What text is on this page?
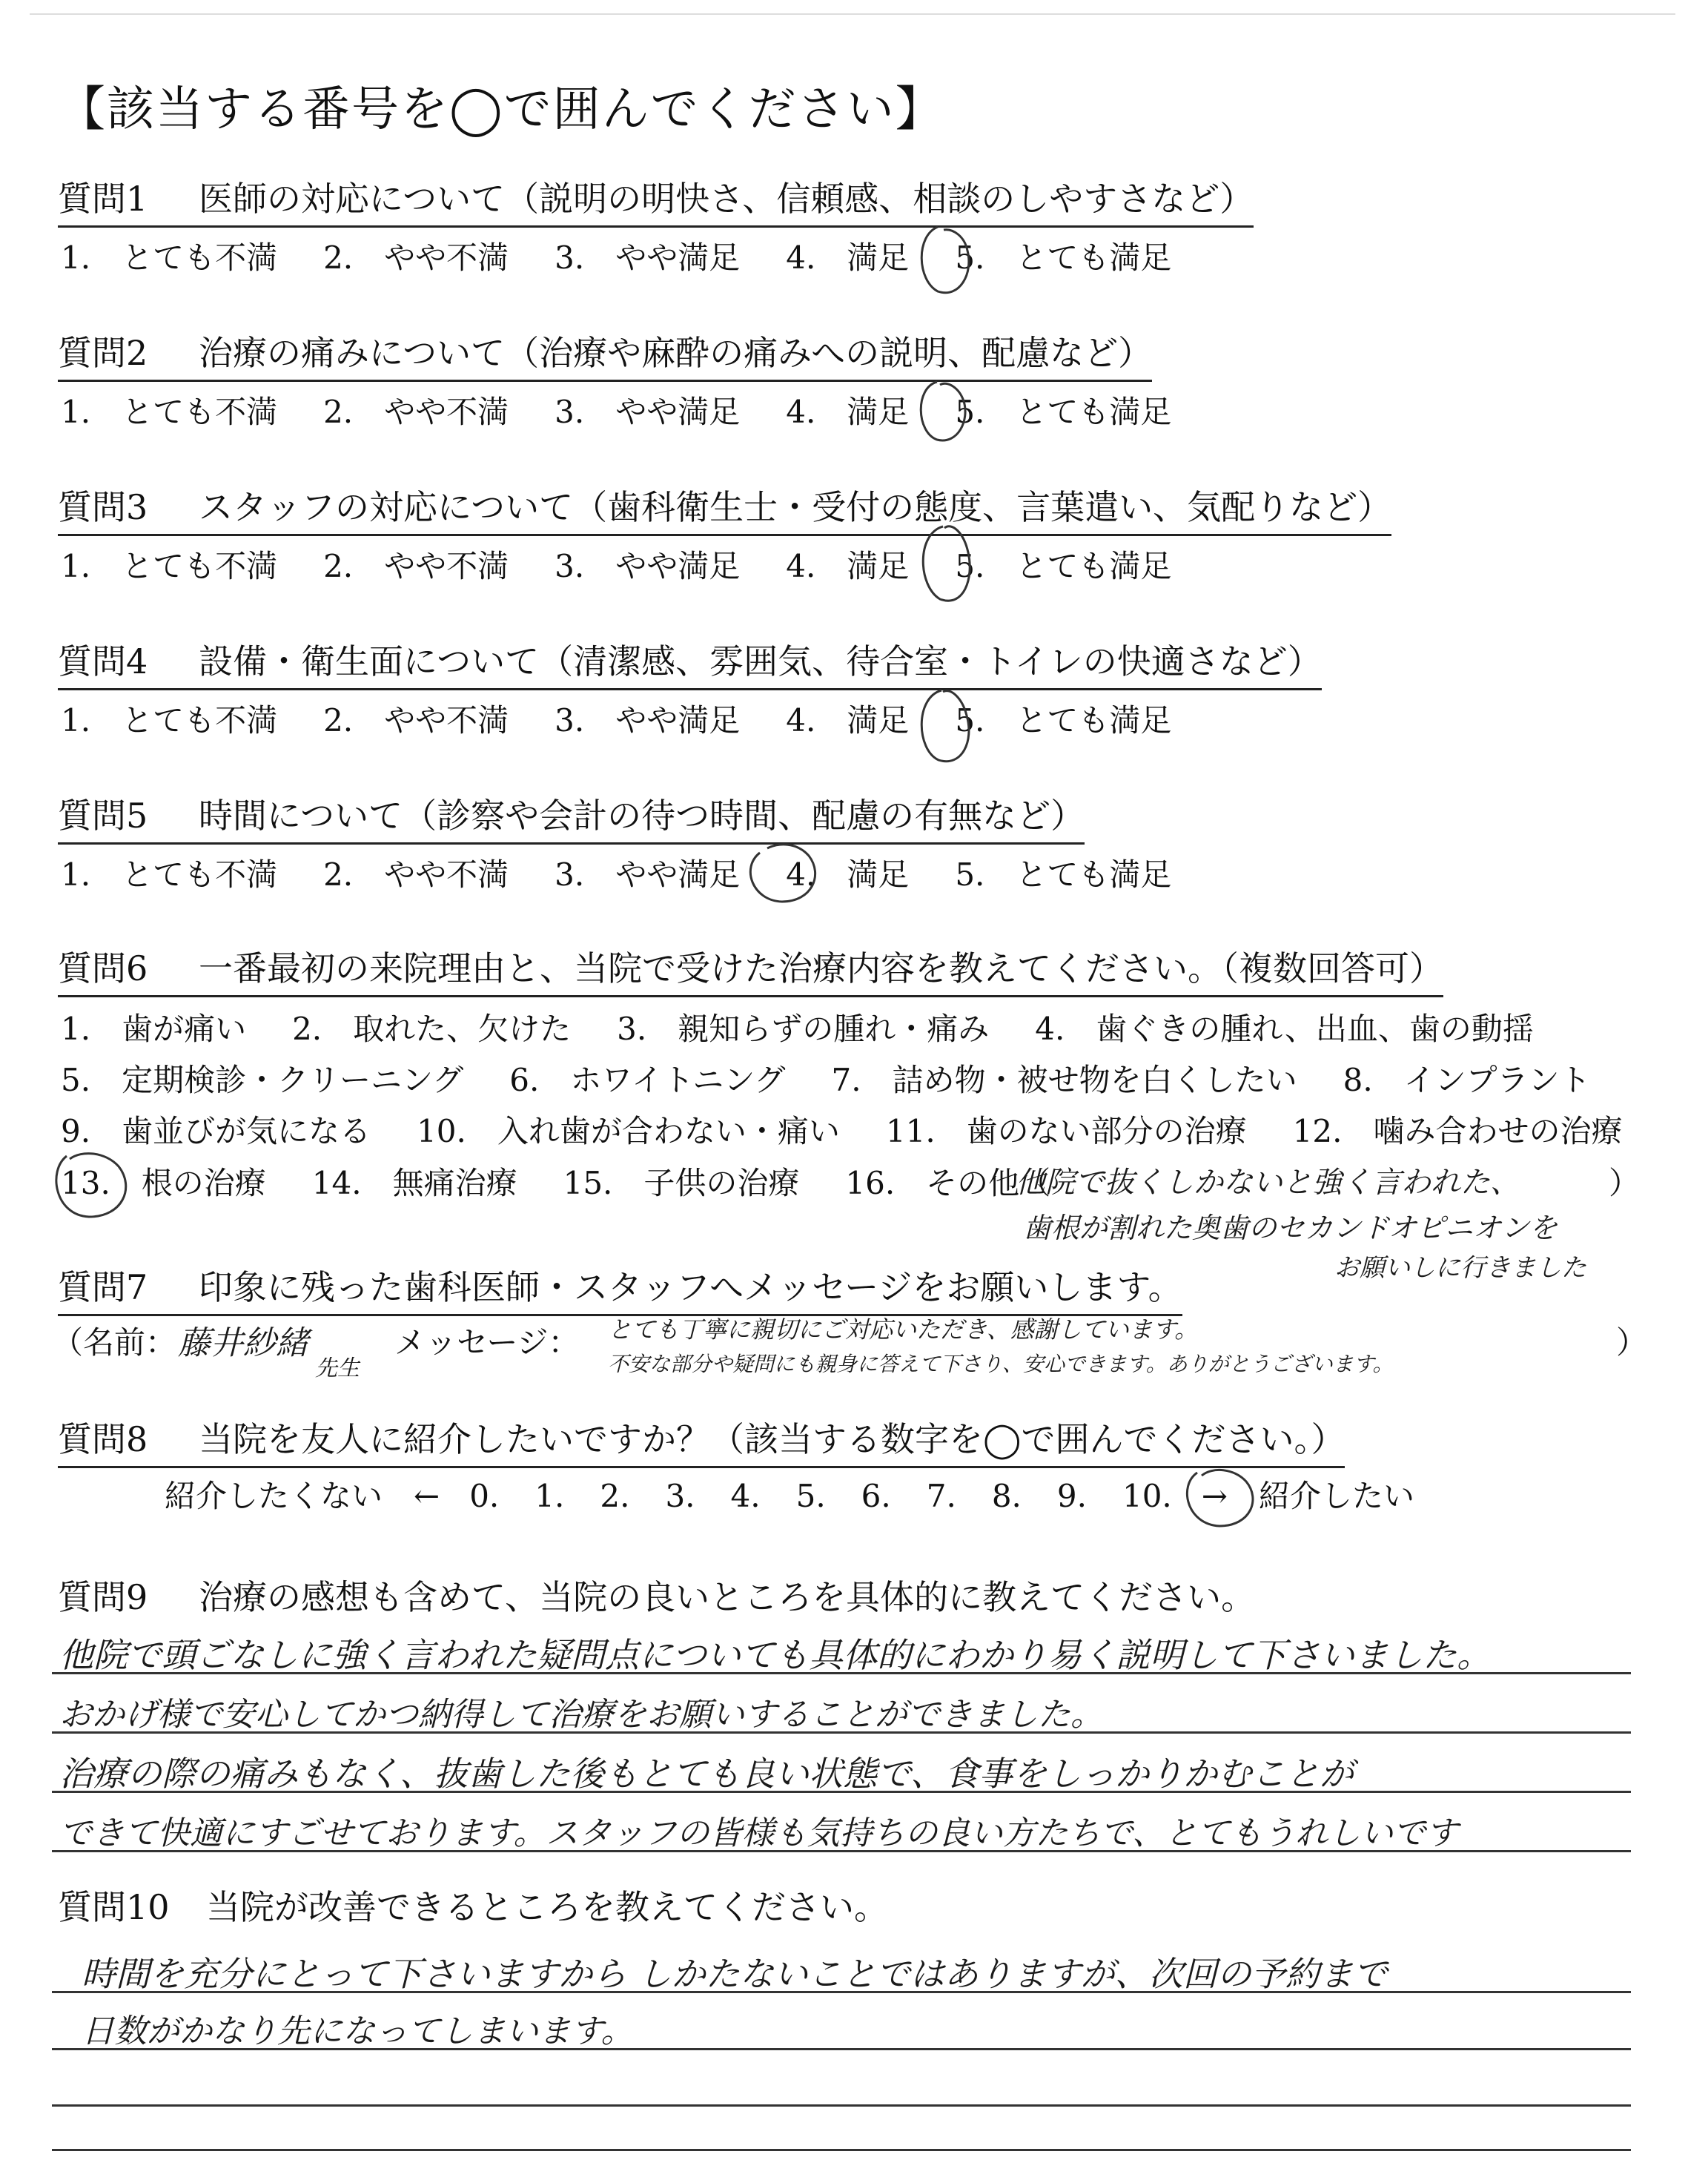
【該当する番号を◯で囲んでください】
質問1 医師の対応について（説明の明快さ、信頼感、相談のしやすさなど）
1.　とても不満 2.　やや不満 3.　やや満足 4.　満足 5.　とても満足
質問2 治療の痛みについて（治療や麻酔の痛みへの説明、配慮など）
1.　とても不満 2.　やや不満 3.　やや満足 4.　満足 5.　とても満足
質問3 スタッフの対応について（歯科衛生士・受付の態度、言葉遣い、気配りなど）
1.　とても不満 2.　やや不満 3.　やや満足 4.　満足 5.　とても満足
質問4 設備・衛生面について（清潔感、雰囲気、待合室・トイレの快適さなど）
1.　とても不満 2.　やや不満 3.　やや満足 4.　満足 5.　とても満足
質問5 時間について（診察や会計の待つ時間、配慮の有無など）
1.　とても不満 2.　やや不満 3.　やや満足 4.　満足 5.　とても満足
質問6 一番最初の来院理由と、当院で受けた治療内容を教えてください。（複数回答可）
1.　歯が痛い 2.　取れた、欠けた 3.　親知らずの腫れ・痛み 4.　歯ぐきの腫れ、出血、歯の動揺
5.　定期検診・クリーニング 6.　ホワイトニング 7.　詰め物・被せ物を白くしたい 8.　インプラント
9.　歯並びが気になる 10.　入れ歯が合わない・痛い 11.　歯のない部分の治療 12.　噛み合わせの治療
13.　根の治療 14.　無痛治療 15.　子供の治療 16.　その他（	）
他院で抜くしかないと強く言われた、
歯根が割れた奥歯のセカンドオピニオンを
お願いしに行きました
質問7 印象に残った歯科医師・スタッフへメッセージをお願いします。
（名前： 藤井紗緒
先生
メッセージ： とても丁寧に親切にご対応いただき、感謝しています。
不安な部分や疑問にも親身に答えて下さり、安心できます。ありがとうございます。
）
質問8 当院を友人に紹介したいですか？（該当する数字を◯で囲んでください。）
紹介したくない　← 0. 1. 2. 3. 4. 5. 6. 7. 8. 9. 10. →　紹介したい
質問9 治療の感想も含めて、当院の良いところを具体的に教えてください。
他院で頭ごなしに強く言われた疑問点についても具体的にわかり易く説明して下さいました。
おかげ様で安心してかつ納得して治療をお願いすることができました。
治療の際の痛みもなく、抜歯した後もとても良い状態で、食事をしっかりかむことが
できて快適にすごせております。スタッフの皆様も気持ちの良い方たちで、とてもうれしいです
質問10 当院が改善できるところを教えてください。
時間を充分にとって下さいますから しかたないことではありますが、次回の予約まで
日数がかなり先になってしまいます。
